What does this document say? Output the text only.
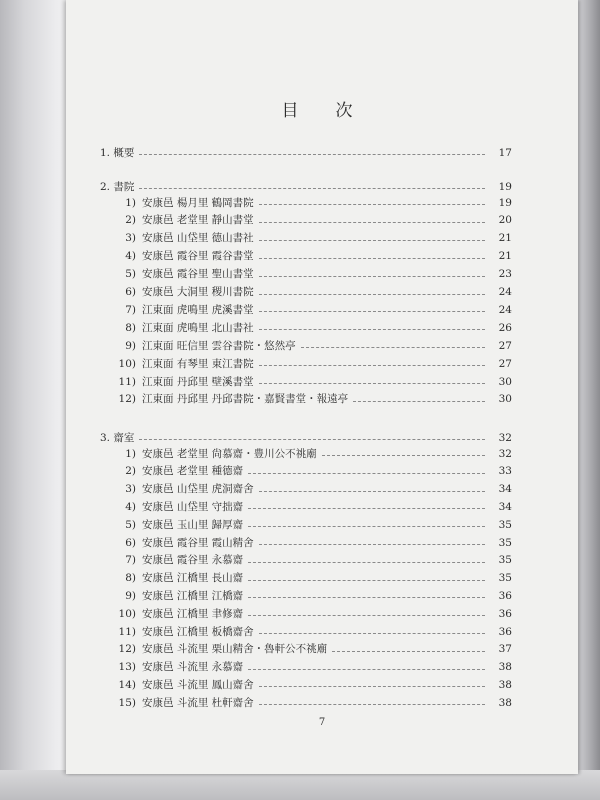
目　次
1. 概要	17
2. 書院	19
1) 安康邑 楊月里 鶴岡書院	19
2) 安康邑 老堂里 靜山書堂	20
3) 安康邑 山垈里 德山書社	21
4) 安康邑 霞谷里 霞谷書堂	21
5) 安康邑 霞谷里 聖山書堂	23
6) 安康邑 大洞里 稷川書院	24
7) 江東面 虎鳴里 虎溪書堂	24
8) 江東面 虎鳴里 北山書社	26
9) 江東面 旺信里 雲谷書院・悠然亭	27
10) 江東面 有琴里 東江書院	27
11) 江東面 丹邱里 壁溪書堂	30
12) 江東面 丹邱里 丹邱書院・嘉賢書堂・報遠亭	30
3. 齋室	32
1) 安康邑 老堂里 尙慕齋・豊川公不祧廟	32
2) 安康邑 老堂里 種德齋	33
3) 安康邑 山垈里 虎洞齋舍	34
4) 安康邑 山垈里 守拙齋	34
5) 安康邑 玉山里 歸厚齋	35
6) 安康邑 霞谷里 霞山精舍	35
7) 安康邑 霞谷里 永慕齋	35
8) 安康邑 江橋里 長山齋	35
9) 安康邑 江橋里 江橋齋	36
10) 安康邑 江橋里 聿修齋	36
11) 安康邑 江橋里 板橋齋舍	36
12) 安康邑 斗流里 栗山精舍・魯軒公不祧廟	37
13) 安康邑 斗流里 永慕齋	38
14) 安康邑 斗流里 鳳山齋舍	38
15) 安康邑 斗流里 杜軒齋舍	38
7
